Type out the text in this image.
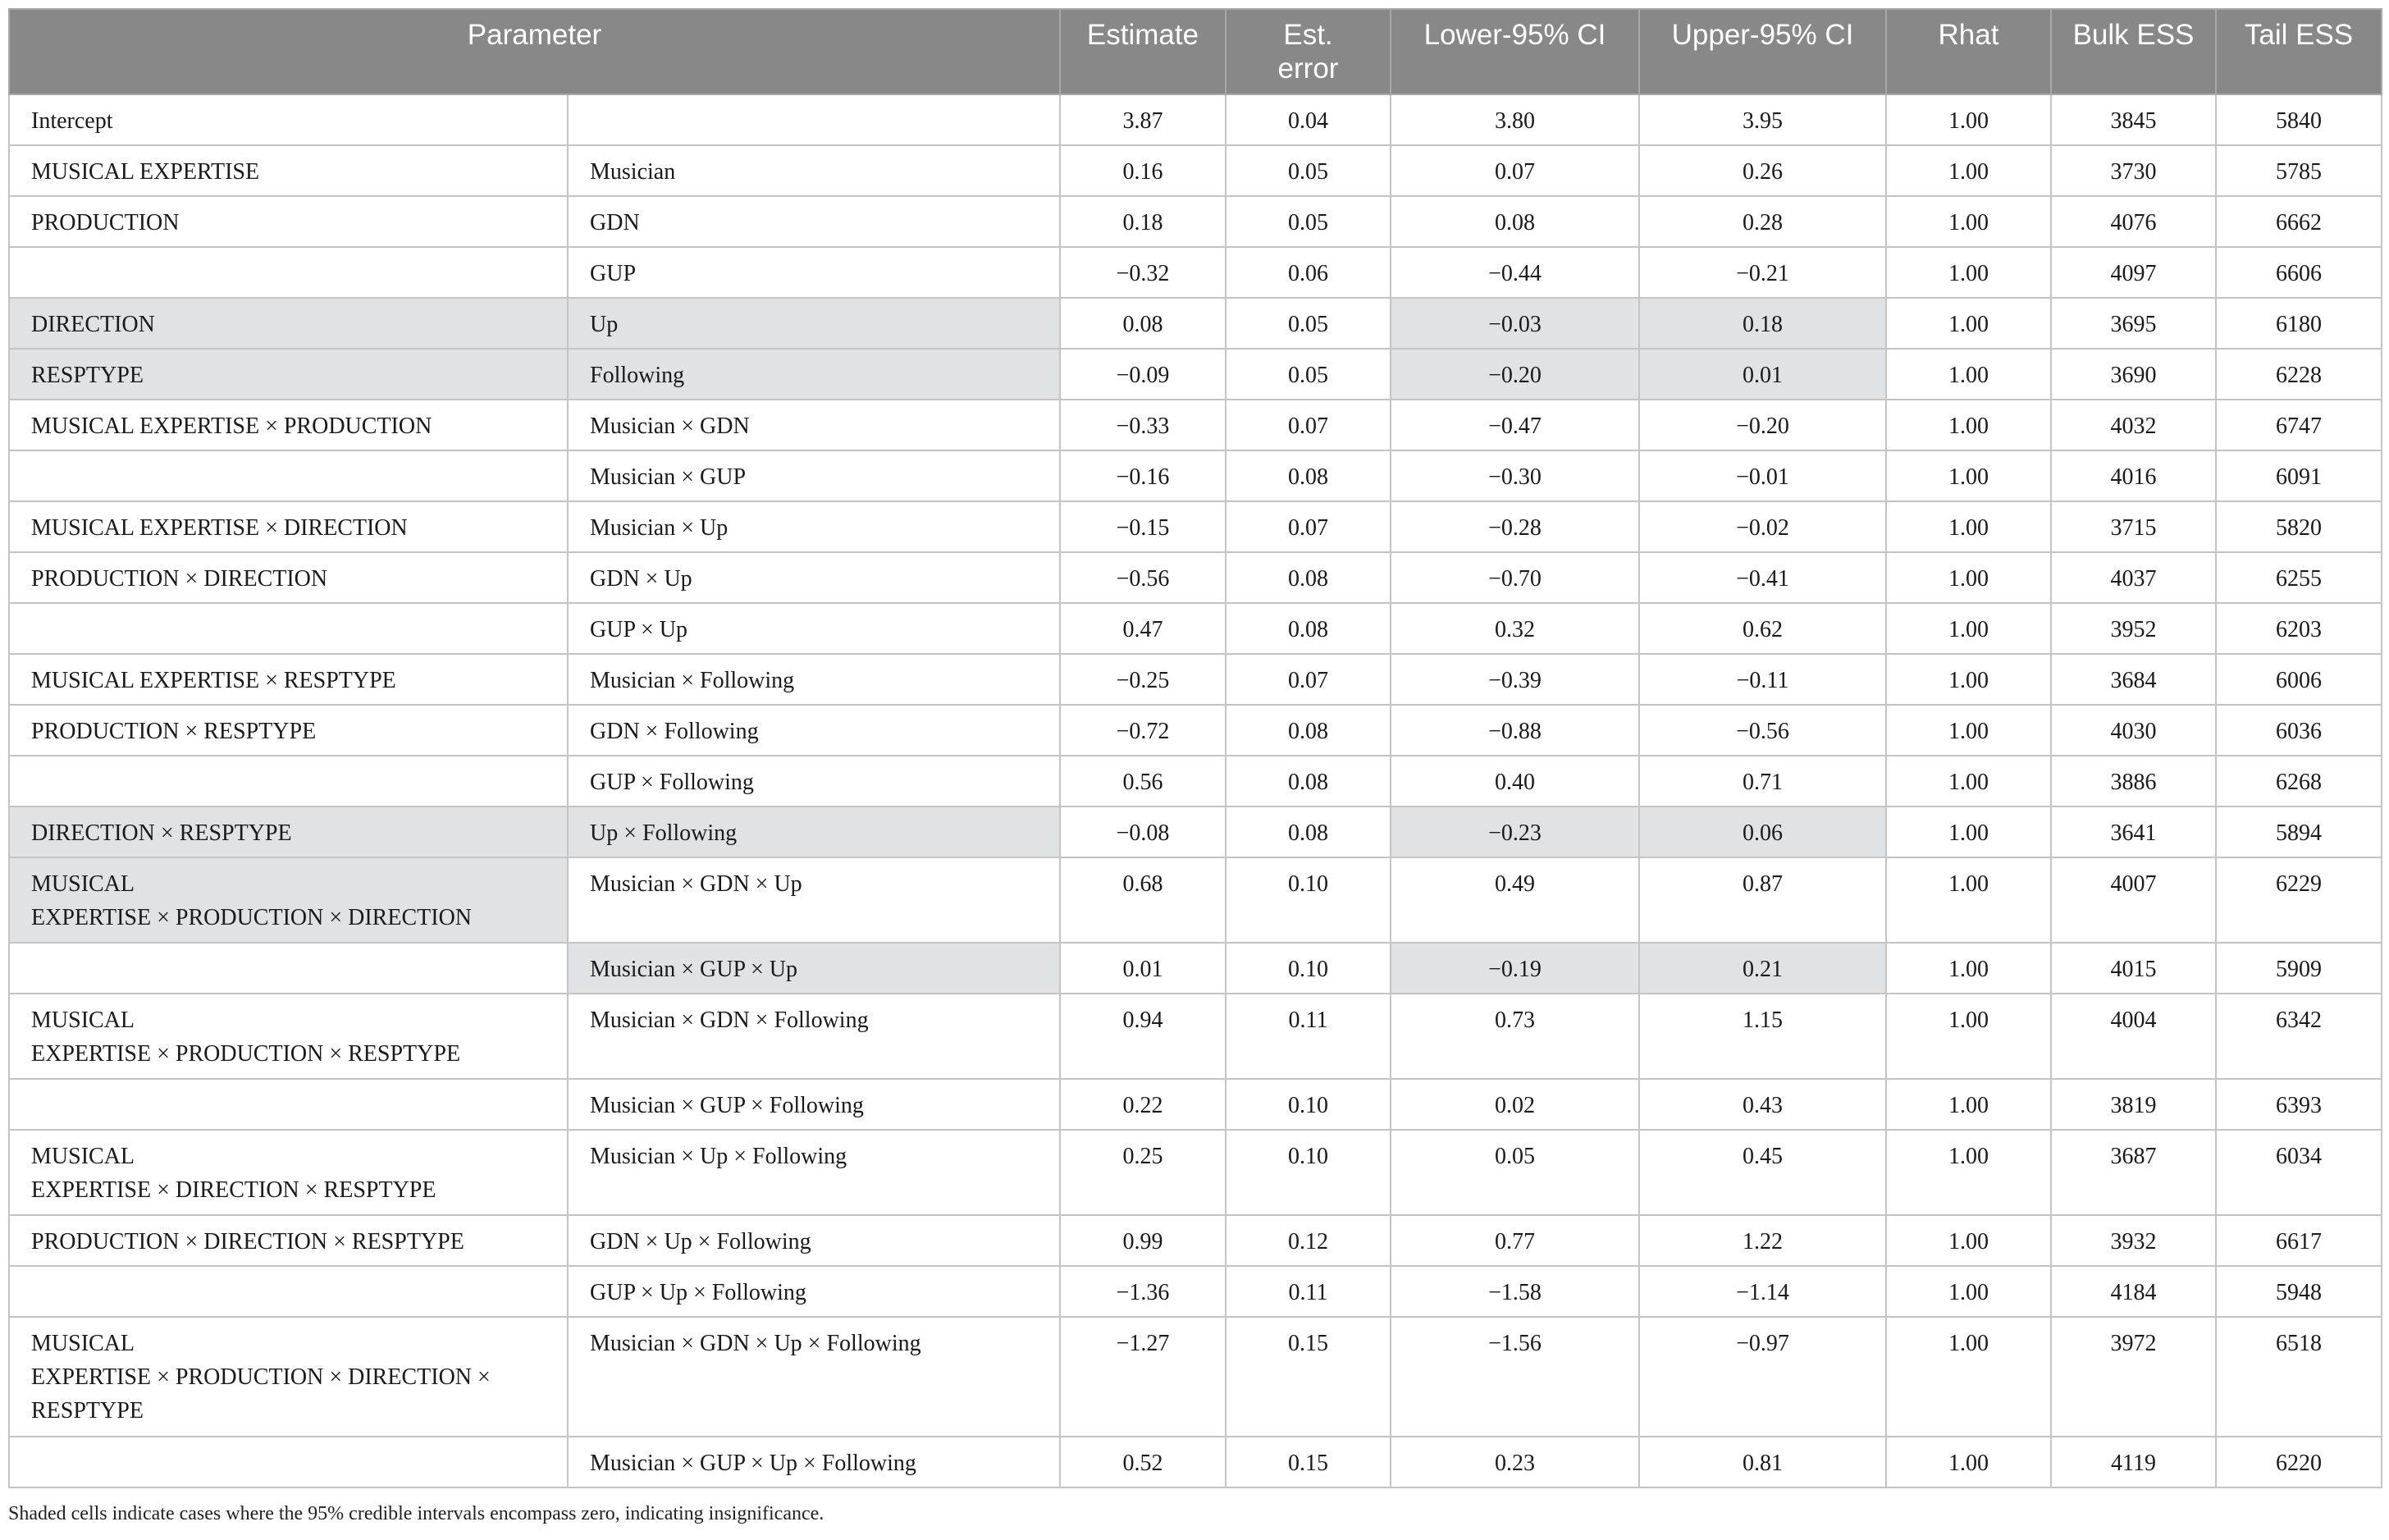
Parameter		Estimate	Est. error	Lower-95% CI	Upper-95% CI	Rhat	Bulk ESS	Tail ESS
Intercept		3.87	0.04	3.80	3.95	1.00	3845	5840
MUSICAL EXPERTISE	Musician	0.16	0.05	0.07	0.26	1.00	3730	5785
PRODUCTION	GDN	0.18	0.05	0.08	0.28	1.00	4076	6662
	GUP	−0.32	0.06	−0.44	−0.21	1.00	4097	6606
DIRECTION	Up	0.08	0.05	−0.03	0.18	1.00	3695	6180
RESPTYPE	Following	−0.09	0.05	−0.20	0.01	1.00	3690	6228
MUSICAL EXPERTISE × PRODUCTION	Musician × GDN	−0.33	0.07	−0.47	−0.20	1.00	4032	6747
	Musician × GUP	−0.16	0.08	−0.30	−0.01	1.00	4016	6091
MUSICAL EXPERTISE × DIRECTION	Musician × Up	−0.15	0.07	−0.28	−0.02	1.00	3715	5820
PRODUCTION × DIRECTION	GDN × Up	−0.56	0.08	−0.70	−0.41	1.00	4037	6255
	GUP × Up	0.47	0.08	0.32	0.62	1.00	3952	6203
MUSICAL EXPERTISE × RESPTYPE	Musician × Following	−0.25	0.07	−0.39	−0.11	1.00	3684	6006
PRODUCTION × RESPTYPE	GDN × Following	−0.72	0.08	−0.88	−0.56	1.00	4030	6036
	GUP × Following	0.56	0.08	0.40	0.71	1.00	3886	6268
DIRECTION × RESPTYPE	Up × Following	−0.08	0.08	−0.23	0.06	1.00	3641	5894

MUSICAL
EXPERTISE × PRODUCTION × DIRECTION	Musician × GDN × Up	0.68	0.10	0.49	0.87	1.00	4007	6229
	Musician × GUP × Up	0.01	0.10	−0.19	0.21	1.00	4015	5909

MUSICAL
EXPERTISE × PRODUCTION × RESPTYPE	Musician × GDN × Following	0.94	0.11	0.73	1.15	1.00	4004	6342
	Musician × GUP × Following	0.22	0.10	0.02	0.43	1.00	3819	6393

MUSICAL
EXPERTISE × DIRECTION × RESPTYPE	Musician × Up × Following	0.25	0.10	0.05	0.45	1.00	3687	6034
PRODUCTION × DIRECTION × RESPTYPE	GDN × Up × Following	0.99	0.12	0.77	1.22	1.00	3932	6617
	GUP × Up × Following	−1.36	0.11	−1.58	−1.14	1.00	4184	5948

MUSICAL
EXPERTISE × PRODUCTION × DIRECTION ×
RESPTYPE	Musician × GDN × Up × Following	−1.27	0.15	−1.56	−0.97	1.00	3972	6518
	Musician × GUP × Up × Following	0.52	0.15	0.23	0.81	1.00	4119	6220
Shaded cells indicate cases where the 95% credible intervals encompass zero, indicating insignificance.
